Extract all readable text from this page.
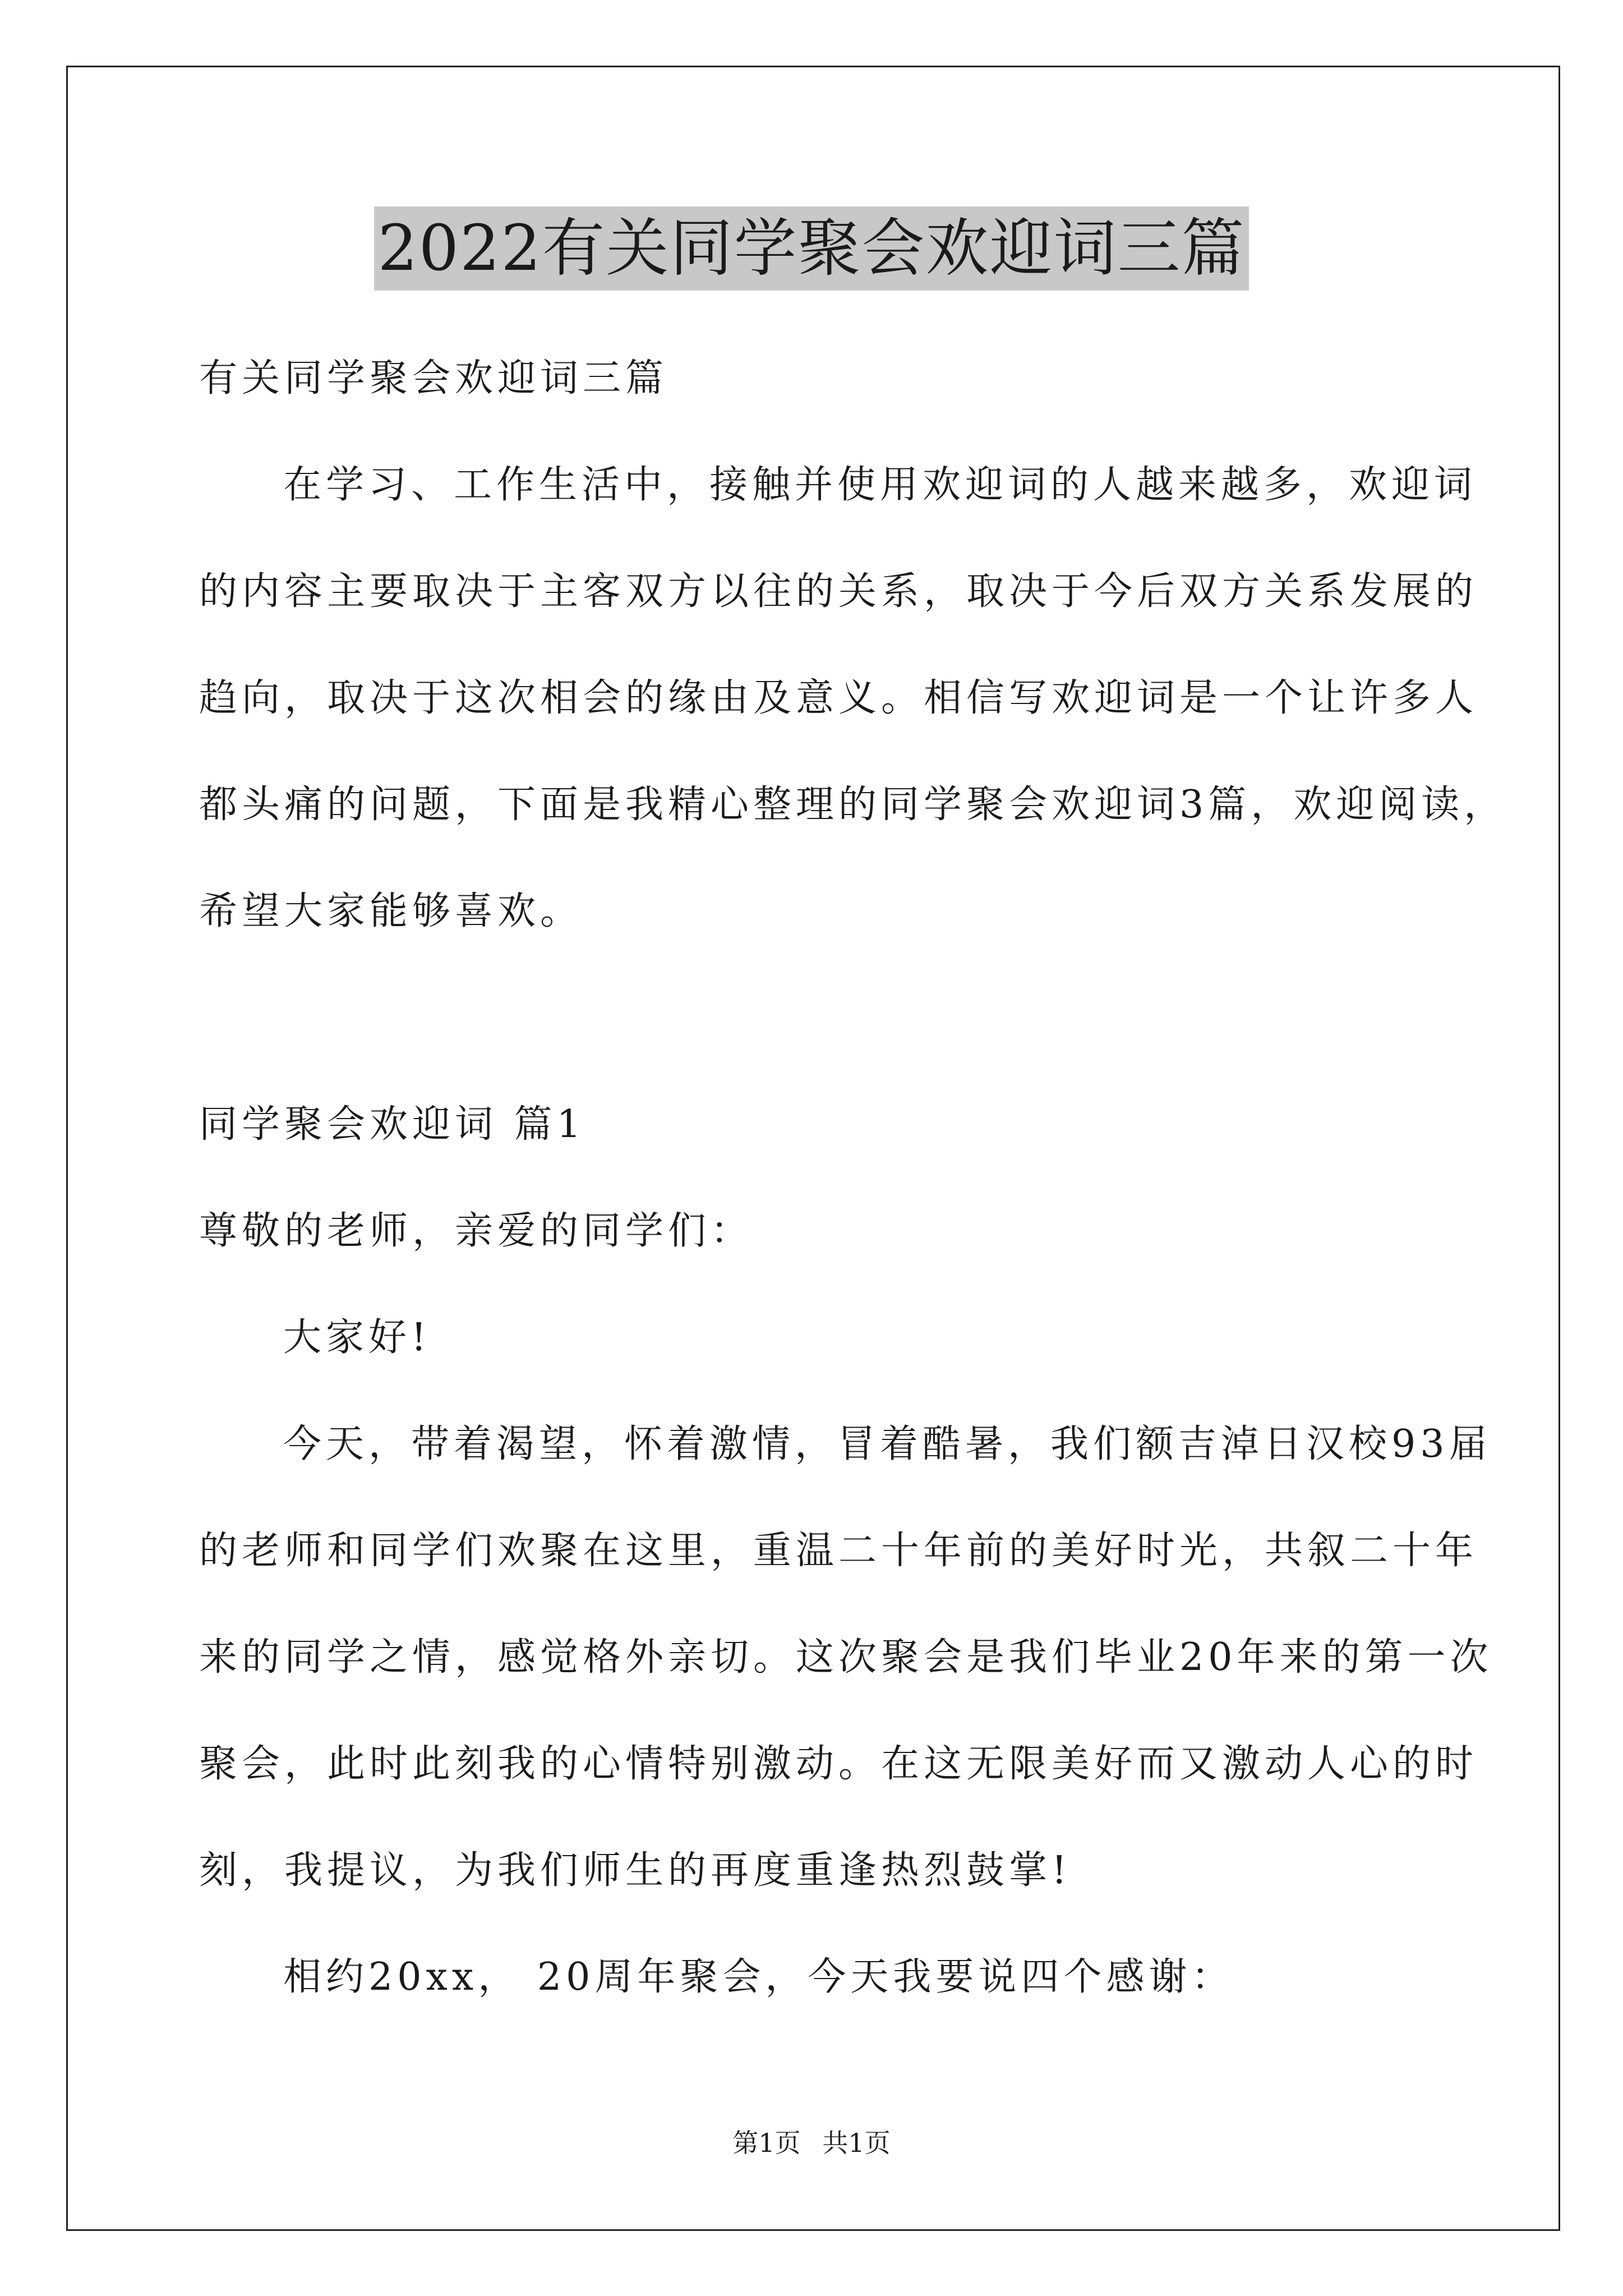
2022有关同学聚会欢迎词三篇
有关同学聚会欢迎词三篇
在学习、工作生活中，接触并使用欢迎词的人越来越多，欢迎词
的内容主要取决于主客双方以往的关系，取决于今后双方关系发展的
趋向，取决于这次相会的缘由及意义。相信写欢迎词是一个让许多人
都头痛的问题，下面是我精心整理的同学聚会欢迎词3篇，欢迎阅读，
希望大家能够喜欢。
同学聚会欢迎词 篇1
尊敬的老师，亲爱的同学们：
大家好!
今天，带着渴望，怀着激情，冒着酷暑，我们额吉淖日汉校93届
的老师和同学们欢聚在这里，重温二十年前的美好时光，共叙二十年
来的同学之情，感觉格外亲切。这次聚会是我们毕业20年来的第一次
聚会，此时此刻我的心情特别激动。在这无限美好而又激动人心的时
刻，我提议，为我们师生的再度重逢热烈鼓掌!
相约20xx， 20周年聚会，今天我要说四个感谢：
第1页 共1页
